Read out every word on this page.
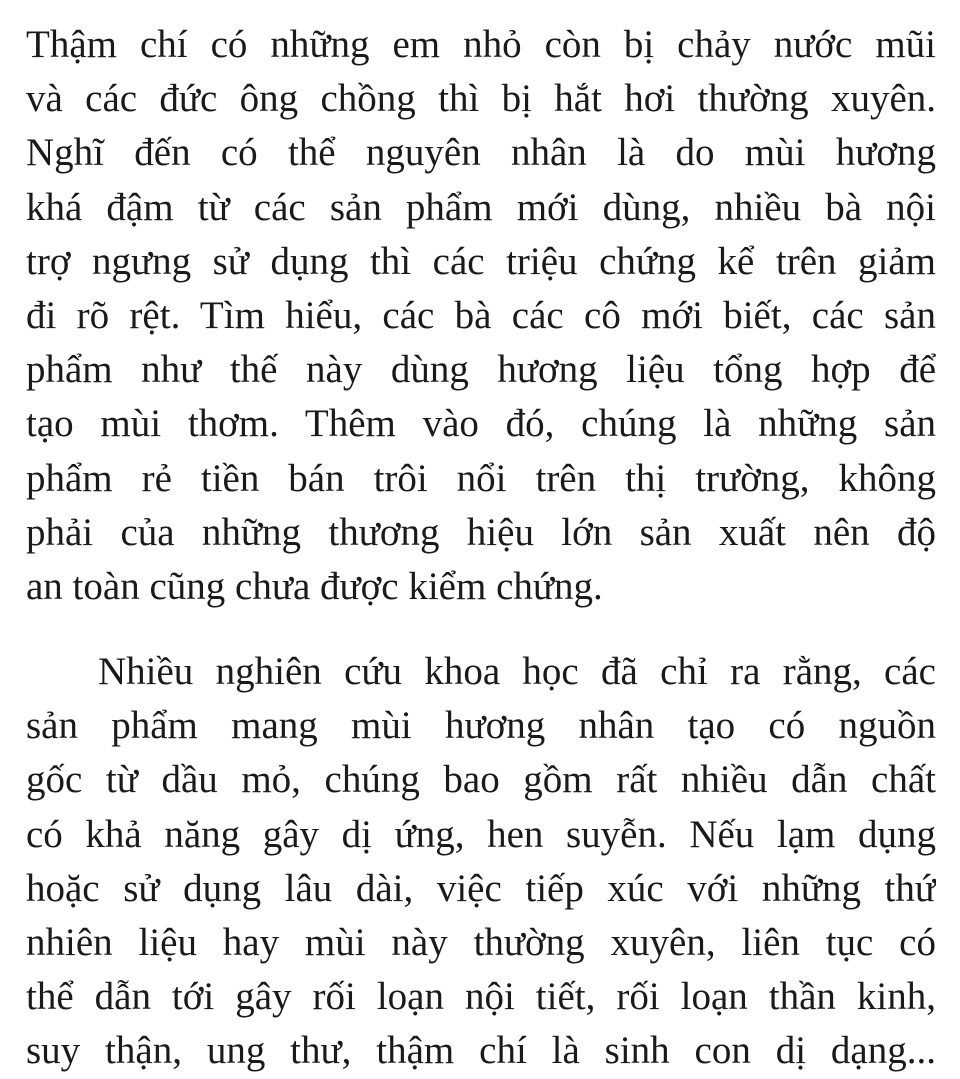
Thậm chí có những em nhỏ còn bị chảy nước mũi
và các đức ông chồng thì bị hắt hơi thường xuyên.
Nghĩ đến có thể nguyên nhân là do mùi hương
khá đậm từ các sản phẩm mới dùng, nhiều bà nội
trợ ngưng sử dụng thì các triệu chứng kể trên giảm
đi rõ rệt. Tìm hiểu, các bà các cô mới biết, các sản
phẩm như thế này dùng hương liệu tổng hợp để
tạo mùi thơm. Thêm vào đó, chúng là những sản
phẩm rẻ tiền bán trôi nổi trên thị trường, không
phải của những thương hiệu lớn sản xuất nên độ
an toàn cũng chưa được kiểm chứng.
Nhiều nghiên cứu khoa học đã chỉ ra rằng, các
sản phẩm mang mùi hương nhân tạo có nguồn
gốc từ dầu mỏ, chúng bao gồm rất nhiều dẫn chất
có khả năng gây dị ứng, hen suyễn. Nếu lạm dụng
hoặc sử dụng lâu dài, việc tiếp xúc với những thứ
nhiên liệu hay mùi này thường xuyên, liên tục có
thể dẫn tới gây rối loạn nội tiết, rối loạn thần kinh,
suy thận, ung thư, thậm chí là sinh con dị dạng...
